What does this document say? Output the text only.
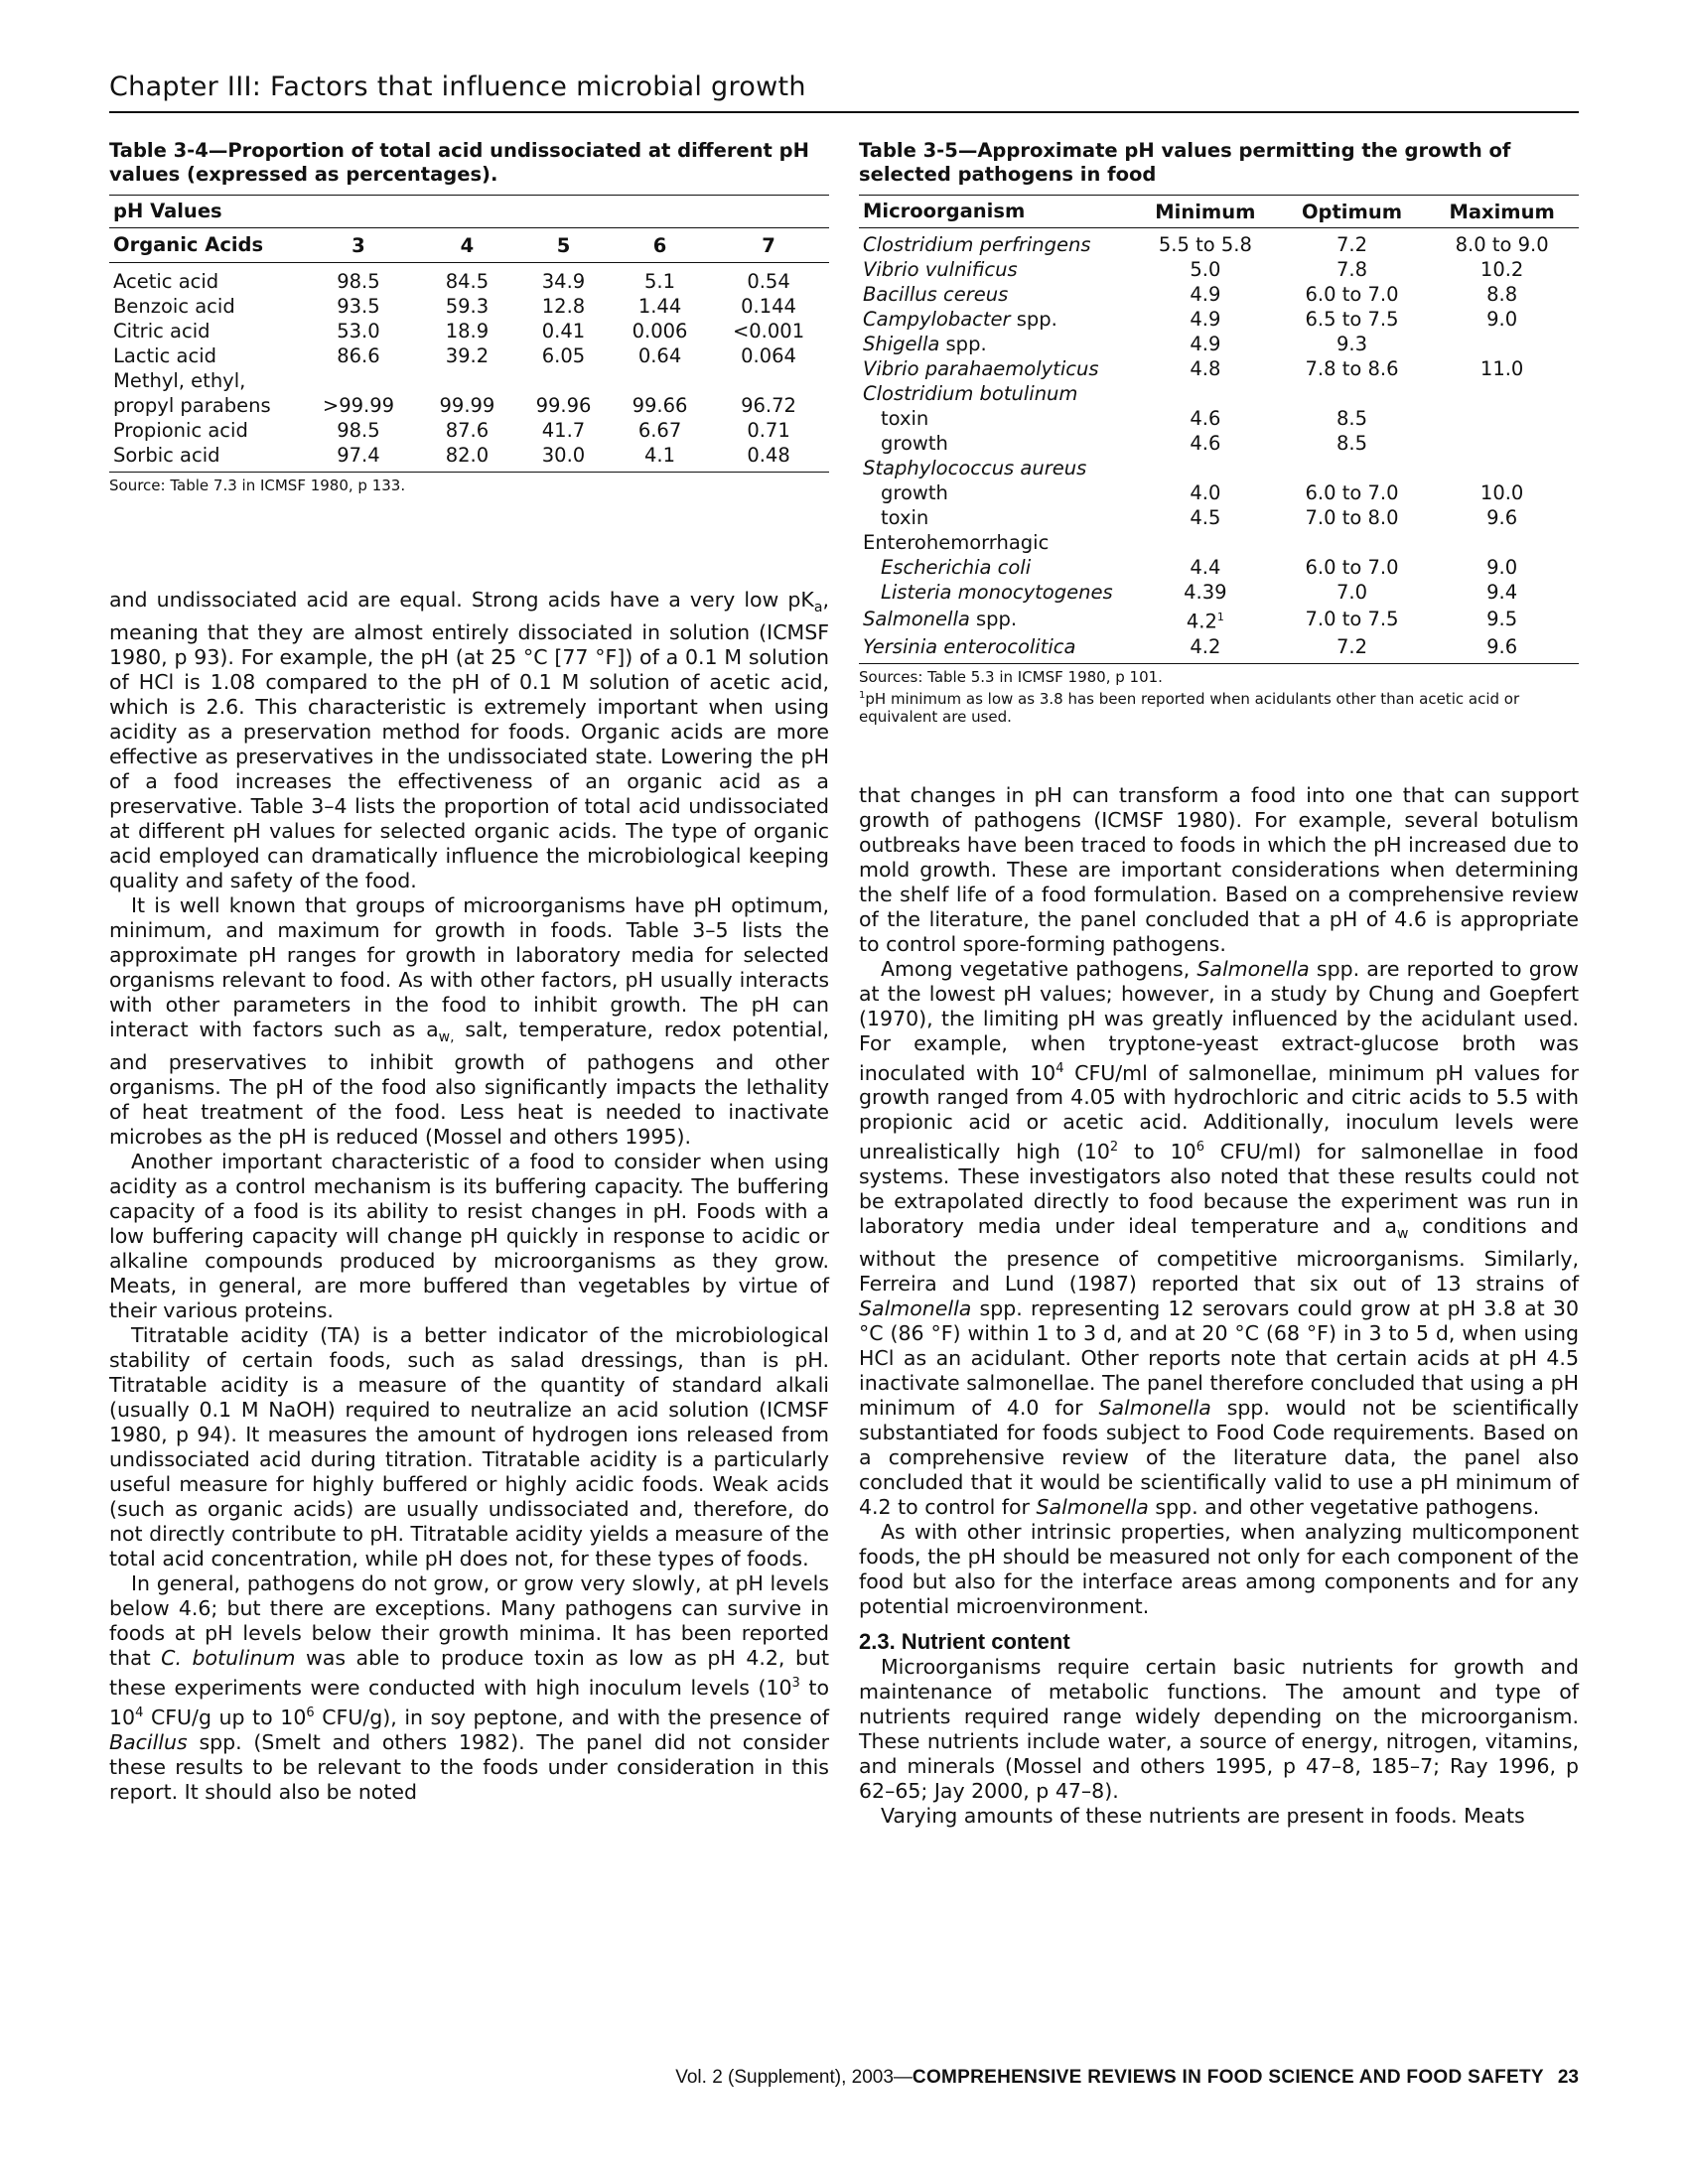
Chapter III: Factors that influence microbial growth
Table 3-4—Proportion of total acid undissociated at different pH values (expressed as percentages).
pH Values					
Organic Acids	3	4	5	6	7
Acetic acid	98.5	84.5	34.9	5.1	0.54
Benzoic acid	93.5	59.3	12.8	1.44	0.144
Citric acid	53.0	18.9	0.41	0.006	<0.001
Lactic acid	86.6	39.2	6.05	0.64	0.064
Methyl, ethyl,					
propyl parabens	>99.99	99.99	99.96	99.66	96.72
Propionic acid	98.5	87.6	41.7	6.67	0.71
Sorbic acid	97.4	82.0	30.0	4.1	0.48
Source: Table 7.3 in ICMSF 1980, p 133.

and undissociated acid are equal. Strong acids have a very low $pK_a$, meaning that they are almost entirely dissociated in solution (ICMSF 1980, p 93). For example, the pH (at 25 °C [77 °F]) of a 0.1 M solution of HCl is 1.08 compared to the pH of 0.1 M solution of acetic acid, which is 2.6. This characteristic is extremely important when using acidity as a preservation method for foods. Organic acids are more effective as preservatives in the undissociated state. Lowering the pH of a food increases the effectiveness of an organic acid as a preservative. Table 3–4 lists the proportion of total acid undissociated at different pH values for selected organic acids. The type of organic acid employed can dramatically influence the microbiological keeping quality and safety of the food.

It is well known that groups of microorganisms have pH optimum, minimum, and maximum for growth in foods. Table 3–5 lists the approximate pH ranges for growth in laboratory media for selected organisms relevant to food. As with other factors, pH usually interacts with other parameters in the food to inhibit growth. The pH can interact with factors such as $a_{w,}$ salt, temperature, redox potential, and preservatives to inhibit growth of pathogens and other organisms. The pH of the food also significantly impacts the lethality of heat treatment of the food. Less heat is needed to inactivate microbes as the pH is reduced (Mossel and others 1995).

Another important characteristic of a food to consider when using acidity as a control mechanism is its buffering capacity. The buffering capacity of a food is its ability to resist changes in pH. Foods with a low buffering capacity will change pH quickly in response to acidic or alkaline compounds produced by microorganisms as they grow. Meats, in general, are more buffered than vegetables by virtue of their various proteins.

Titratable acidity (TA) is a better indicator of the microbiological stability of certain foods, such as salad dressings, than is pH. Titratable acidity is a measure of the quantity of standard alkali (usually 0.1 M NaOH) required to neutralize an acid solution (ICMSF 1980, p 94). It measures the amount of hydrogen ions released from undissociated acid during titration. Titratable acidity is a particularly useful measure for highly buffered or highly acidic foods. Weak acids (such as organic acids) are usually undissociated and, therefore, do not directly contribute to pH. Titratable acidity yields a measure of the total acid concentration, while pH does not, for these types of foods.

In general, pathogens do not grow, or grow very slowly, at pH levels below 4.6; but there are exceptions. Many pathogens can survive in foods at pH levels below their growth minima. It has been reported that C. botulinum was able to produce toxin as low as pH 4.2, but these experiments were conducted with high inoculum levels ($10^3$ to $10^4$ CFU/g up to $10^6$ CFU/g), in soy peptone, and with the presence of Bacillus spp. (Smelt and others 1982). The panel did not consider these results to be relevant to the foods under consideration in this report. It should also be noted

Table 3-5—Approximate pH values permitting the growth of selected pathogens in food
Microorganism	Minimum	Optimum	Maximum
Clostridium perfringens	5.5 to 5.8	7.2	8.0 to 9.0
Vibrio vulnificus	5.0	7.8	10.2
Bacillus cereus	4.9	6.0 to 7.0	8.8
Campylobacter spp.	4.9	6.5 to 7.5	9.0
Shigella spp.	4.9	9.3	
Vibrio parahaemolyticus	4.8	7.8 to 8.6	11.0
Clostridium botulinum			
toxin	4.6	8.5	
growth	4.6	8.5	
Staphylococcus aureus			
growth	4.0	6.0 to 7.0	10.0
toxin	4.5	7.0 to 8.0	9.6
Enterohemorrhagic			
Escherichia coli	4.4	6.0 to 7.0	9.0
Listeria monocytogenes	4.39	7.0	9.4
Salmonella spp.	$4.2^1$	7.0 to 7.5	9.5
Yersinia enterocolitica	4.2	7.2	9.6
Sources: Table 5.3 in ICMSF 1980, p 101.
$^1$pH minimum as low as 3.8 has been reported when acidulants other than acetic acid or equivalent are used.

that changes in pH can transform a food into one that can support growth of pathogens (ICMSF 1980). For example, several botulism outbreaks have been traced to foods in which the pH increased due to mold growth. These are important considerations when determining the shelf life of a food formulation. Based on a comprehensive review of the literature, the panel concluded that a pH of 4.6 is appropriate to control spore-forming pathogens.

Among vegetative pathogens, Salmonella spp. are reported to grow at the lowest pH values; however, in a study by Chung and Goepfert (1970), the limiting pH was greatly influenced by the acidulant used. For example, when tryptone-yeast extract-glucose broth was inoculated with $10^4$ CFU/ml of salmonellae, minimum pH values for growth ranged from 4.05 with hydrochloric and citric acids to 5.5 with propionic acid or acetic acid. Additionally, inoculum levels were unrealistically high ($10^2$ to $10^6$ CFU/ml) for salmonellae in food systems. These investigators also noted that these results could not be extrapolated directly to food because the experiment was run in laboratory media under ideal temperature and $a_w$ conditions and without the presence of competitive microorganisms. Similarly, Ferreira and Lund (1987) reported that six out of 13 strains of Salmonella spp. representing 12 serovars could grow at pH 3.8 at 30 °C (86 °F) within 1 to 3 d, and at 20 °C (68 °F) in 3 to 5 d, when using HCl as an acidulant. Other reports note that certain acids at pH 4.5 inactivate salmonellae. The panel therefore concluded that using a pH minimum of 4.0 for Salmonella spp. would not be scientifically substantiated for foods subject to Food Code requirements. Based on a comprehensive review of the literature data, the panel also concluded that it would be scientifically valid to use a pH minimum of 4.2 to control for Salmonella spp. and other vegetative pathogens.

As with other intrinsic properties, when analyzing multicomponent foods, the pH should be measured not only for each component of the food but also for the interface areas among components and for any potential microenvironment.

2.3. Nutrient content

Microorganisms require certain basic nutrients for growth and maintenance of metabolic functions. The amount and type of nutrients required range widely depending on the microorganism. These nutrients include water, a source of energy, nitrogen, vitamins, and minerals (Mossel and others 1995, p 47–8, 185–7; Ray 1996, p 62–65; Jay 2000, p 47–8).

Varying amounts of these nutrients are present in foods. Meats

Vol. 2 (Supplement), 2003—COMPREHENSIVE REVIEWS IN FOOD SCIENCE AND FOOD SAFETY 23
